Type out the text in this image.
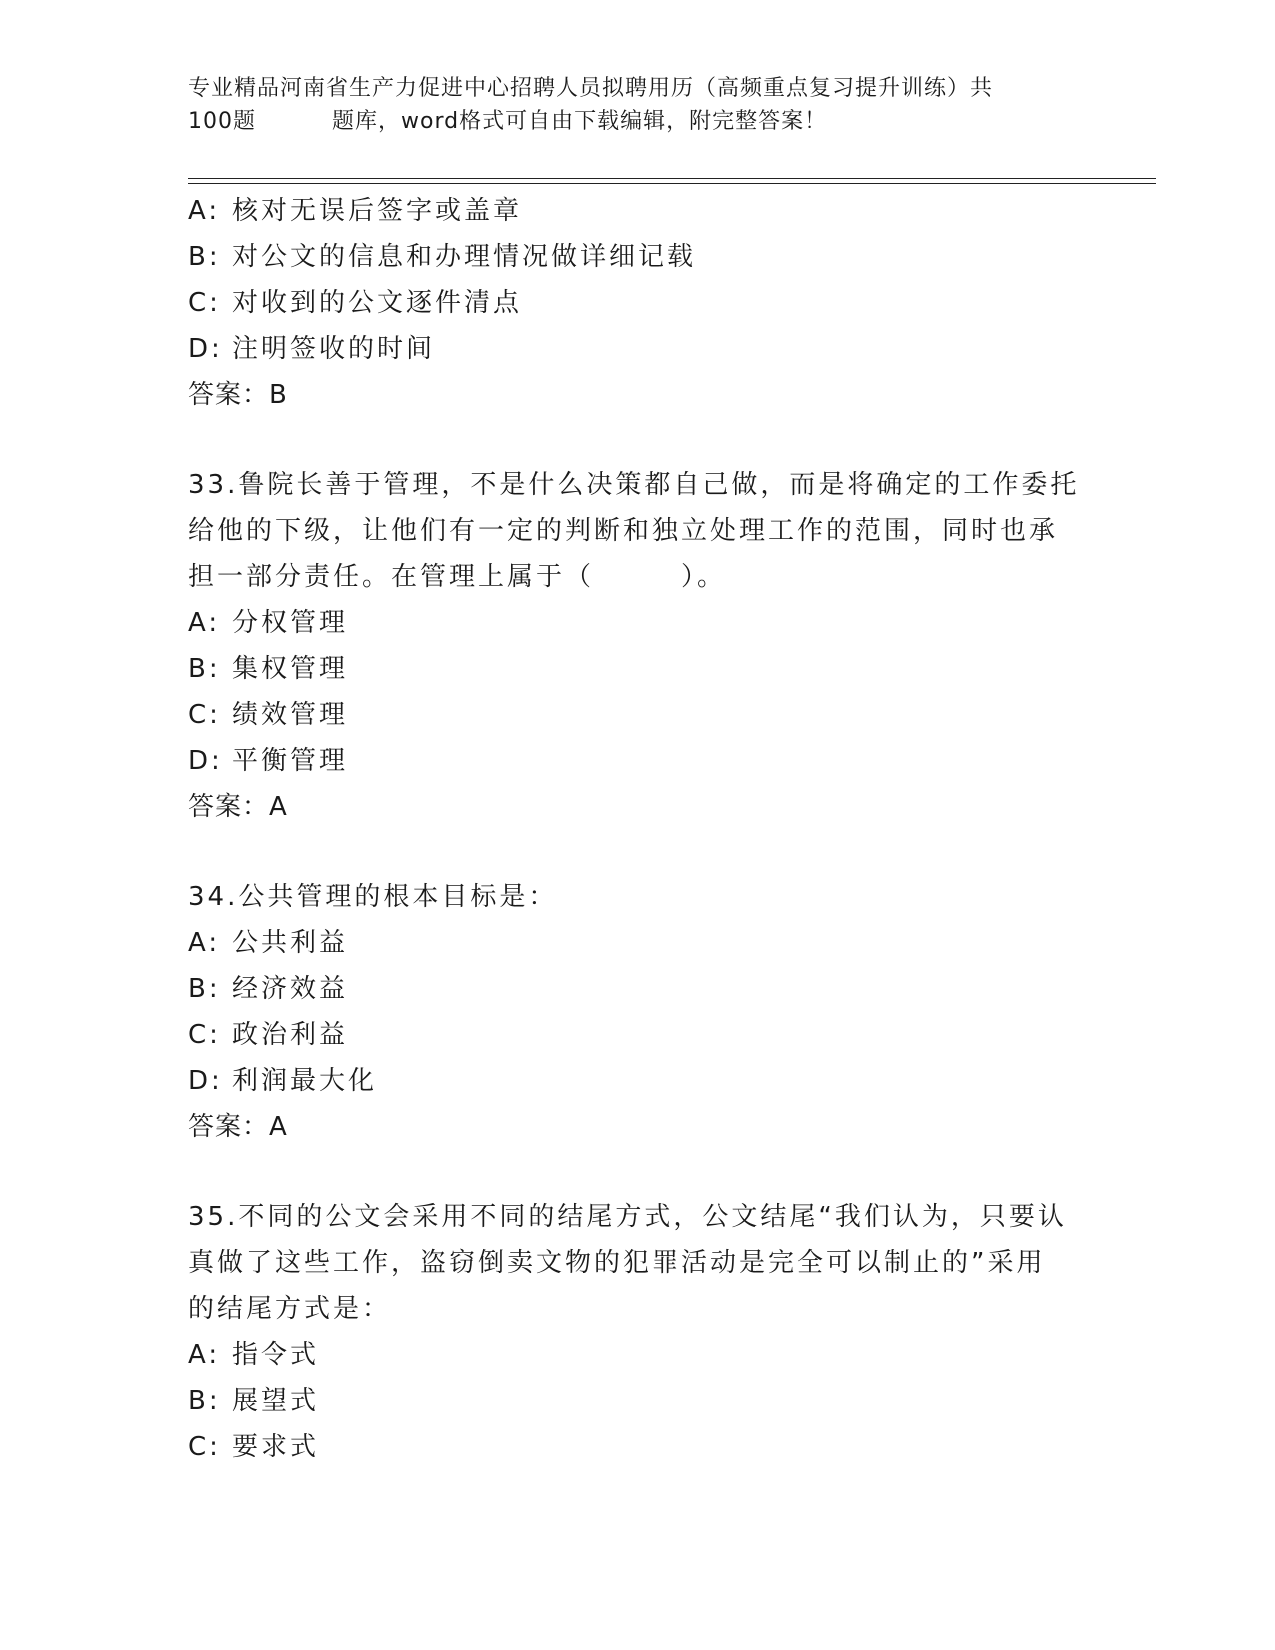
专业精品河南省生产力促进中心招聘人员拟聘用历（高频重点复习提升训练）共
100题	题库，word格式可自由下载编辑，附完整答案！
A: 核对无误后签字或盖章
B: 对公文的信息和办理情况做详细记载
C: 对收到的公文逐件清点
D: 注明签收的时间
答案：B
33.鲁院长善于管理，不是什么决策都自己做，而是将确定的工作委托
给他的下级，让他们有一定的判断和独立处理工作的范围，同时也承
担一部分责任。在管理上属于（　　　）。
A: 分权管理
B: 集权管理
C: 绩效管理
D: 平衡管理
答案：A
34.公共管理的根本目标是：
A: 公共利益
B: 经济效益
C: 政治利益
D: 利润最大化
答案：A
35.不同的公文会采用不同的结尾方式，公文结尾“我们认为，只要认
真做了这些工作，盗窃倒卖文物的犯罪活动是完全可以制止的”采用
的结尾方式是：
A: 指令式
B: 展望式
C: 要求式
